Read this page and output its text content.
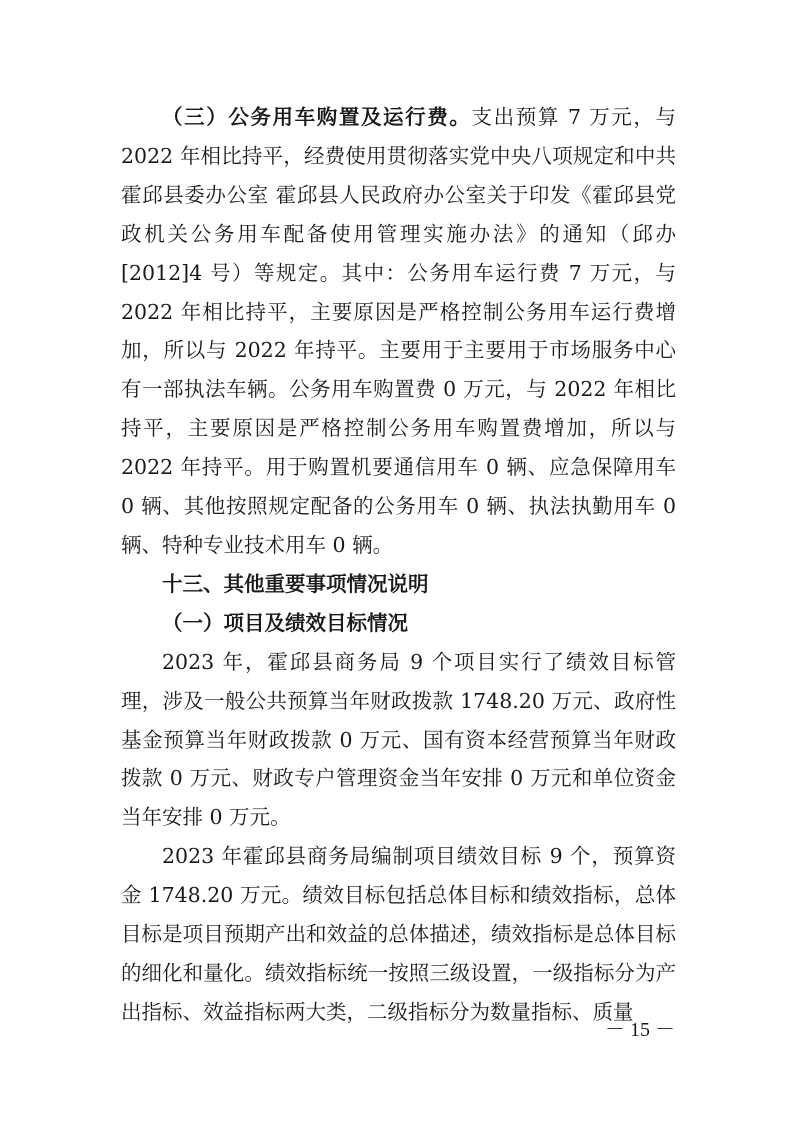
（三）公务用车购置及运行费。支出预算 7 万元，与 2022 年相比持平，经费使用贯彻落实党中央八项规定和中共霍邱县委办公室 霍邱县人民政府办公室关于印发《霍邱县党政机关公务用车配备使用管理实施办法》的通知（邱办[2012]4 号）等规定。其中：公务用车运行费 7 万元，与 2022 年相比持平，主要原因是严格控制公务用车运行费增加，所以与 2022 年持平。主要用于主要用于市场服务中心有一部执法车辆。公务用车购置费 0 万元，与 2022 年相比持平，主要原因是严格控制公务用车购置费增加，所以与 2022 年持平。用于购置机要通信用车 0 辆、应急保障用车 0 辆、其他按照规定配备的公务用车 0 辆、执法执勤用车 0 辆、特种专业技术用车 0 辆。

十三、其他重要事项情况说明

（一）项目及绩效目标情况

2023 年，霍邱县商务局 9 个项目实行了绩效目标管理，涉及一般公共预算当年财政拨款 1748.20 万元、政府性基金预算当年财政拨款 0 万元、国有资本经营预算当年财政拨款 0 万元、财政专户管理资金当年安排 0 万元和单位资金当年安排 0 万元。

2023 年霍邱县商务局编制项目绩效目标 9 个，预算资金 1748.20 万元。绩效目标包括总体目标和绩效指标，总体目标是项目预期产出和效益的总体描述，绩效指标是总体目标的细化和量化。绩效指标统一按照三级设置，一级指标分为产出指标、效益指标两大类，二级指标分为数量指标、质量

－ 15 －
